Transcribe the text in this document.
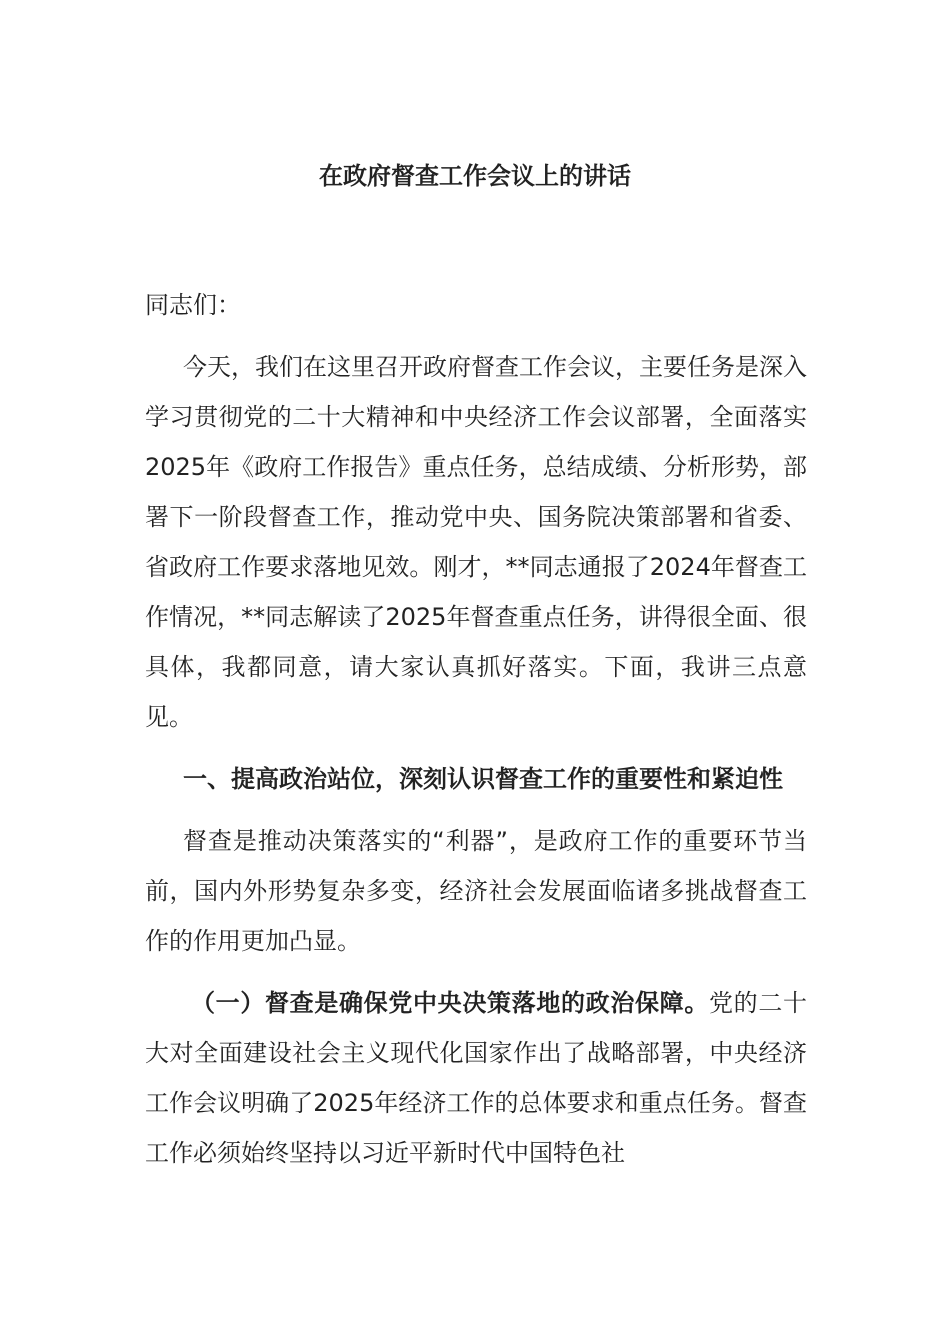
在政府督查工作会议上的讲话

同志们：

今天，我们在这里召开政府督查工作会议，主要任务是深入学习贯彻党的二十大精神和中央经济工作会议部署，全面落实2025年《政府工作报告》重点任务，总结成绩、分析形势，部署下一阶段督查工作，推动党中央、国务院决策部署和省委、省政府工作要求落地见效。刚才，**同志通报了2024年督查工作情况，**同志解读了2025年督查重点任务，讲得很全面、很具体，我都同意，请大家认真抓好落实。下面，我讲三点意见。

一、提高政治站位，深刻认识督查工作的重要性和紧迫性

督查是推动决策落实的“利器”，是政府工作的重要环节当前，国内外形势复杂多变，经济社会发展面临诸多挑战督查工作的作用更加凸显。

（一）督查是确保党中央决策落地的政治保障。党的二十大对全面建设社会主义现代化国家作出了战略部署，中央经济工作会议明确了2025年经济工作的总体要求和重点任务。督查工作必须始终坚持以习近平新时代中国特色社
